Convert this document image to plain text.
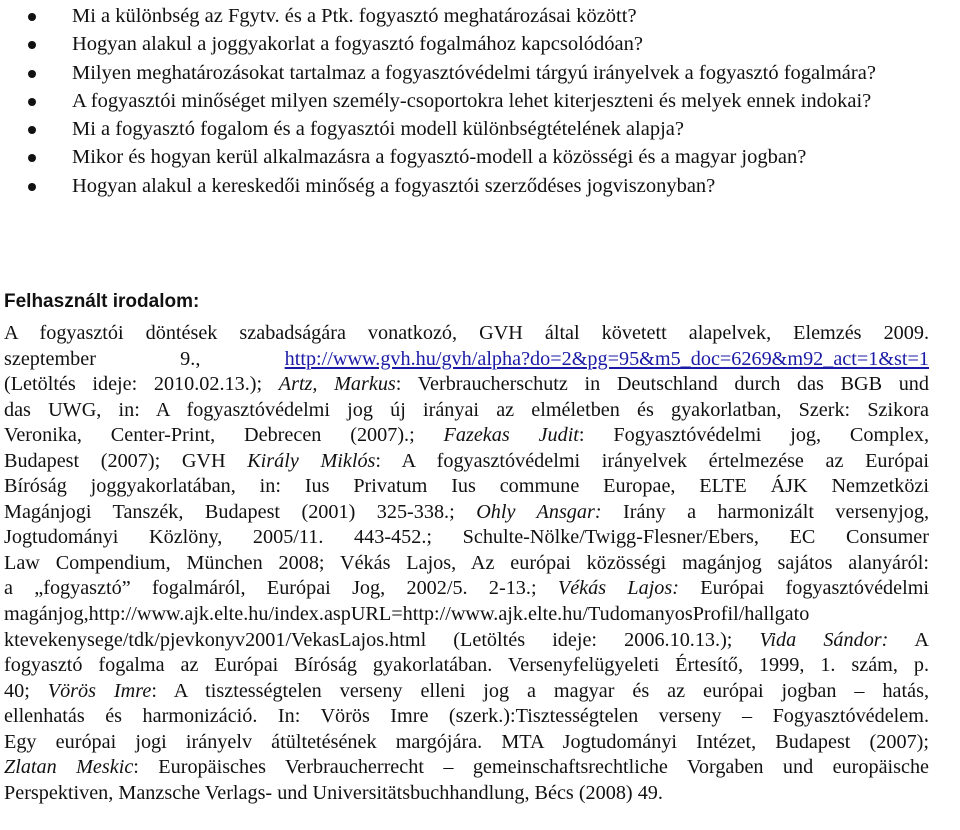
Mi a különbség az Fgytv. és a Ptk. fogyasztó meghatározásai között?
Hogyan alakul a joggyakorlat a fogyasztó fogalmához kapcsolódóan?
Milyen meghatározásokat tartalmaz a fogyasztóvédelmi tárgyú irányelvek a fogyasztó fogalmára?
A fogyasztói minőséget milyen személy-csoportokra lehet kiterjeszteni és melyek ennek indokai?
Mi a fogyasztó fogalom és a fogyasztói modell különbségtételének alapja?
Mikor és hogyan kerül alkalmazásra a fogyasztó-modell a közösségi és a magyar jogban?
Hogyan alakul a kereskedői minőség a fogyasztói szerződéses jogviszonyban?
Felhasznált irodalom:
A fogyasztói döntések szabadságára vonatkozó, GVH által követett alapelvek, Elemzés 2009.
szeptember 9.,	http://www.gvh.hu/gvh/alpha?do=2&pg=95&m5_doc=6269&m92_act=1&st=1
(Letöltés ideje: 2010.02.13.); Artz, Markus: Verbraucherschutz in Deutschland durch das BGB und
das UWG, in: A fogyasztóvédelmi jog új irányai az elméletben és gyakorlatban, Szerk: Szikora
Veronika, Center-Print, Debrecen (2007).; Fazekas Judit: Fogyasztóvédelmi jog, Complex,
Budapest (2007); GVH Király Miklós: A fogyasztóvédelmi irányelvek értelmezése az Európai
Bíróság joggyakorlatában, in: Ius Privatum Ius commune Europae, ELTE ÁJK Nemzetközi
Magánjogi Tanszék, Budapest (2001) 325-338.; Ohly Ansgar: Irány a harmonizált versenyjog,
Jogtudományi Közlöny, 2005/11. 443-452.; Schulte-Nölke/Twigg-Flesner/Ebers, EC Consumer
Law Compendium, München 2008; Vékás Lajos, Az európai közösségi magánjog sajátos alanyáról:
a „fogyasztó” fogalmáról, Európai Jog, 2002/5. 2-13.; Vékás Lajos: Európai fogyasztóvédelmi
magánjog,http://www.ajk.elte.hu/index.aspURL=http://www.ajk.elte.hu/TudomanyosProfil/hallgato
ktevekenysege/tdk/pjevkonyv2001/VekasLajos.html (Letöltés ideje: 2006.10.13.); Vida Sándor: A
fogyasztó fogalma az Európai Bíróság gyakorlatában. Versenyfelügyeleti Értesítő, 1999, 1. szám, p.
40; Vörös Imre: A tisztességtelen verseny elleni jog a magyar és az európai jogban – hatás,
ellenhatás és harmonizáció. In: Vörös Imre (szerk.):Tisztességtelen verseny – Fogyasztóvédelem.
Egy európai jogi irányelv átültetésének margójára. MTA Jogtudományi Intézet, Budapest (2007);
Zlatan Meskic: Europäisches Verbraucherrecht – gemeinschaftsrechtliche Vorgaben und europäische
Perspektiven, Manzsche Verlags- und Universitätsbuchhandlung, Bécs (2008) 49.
